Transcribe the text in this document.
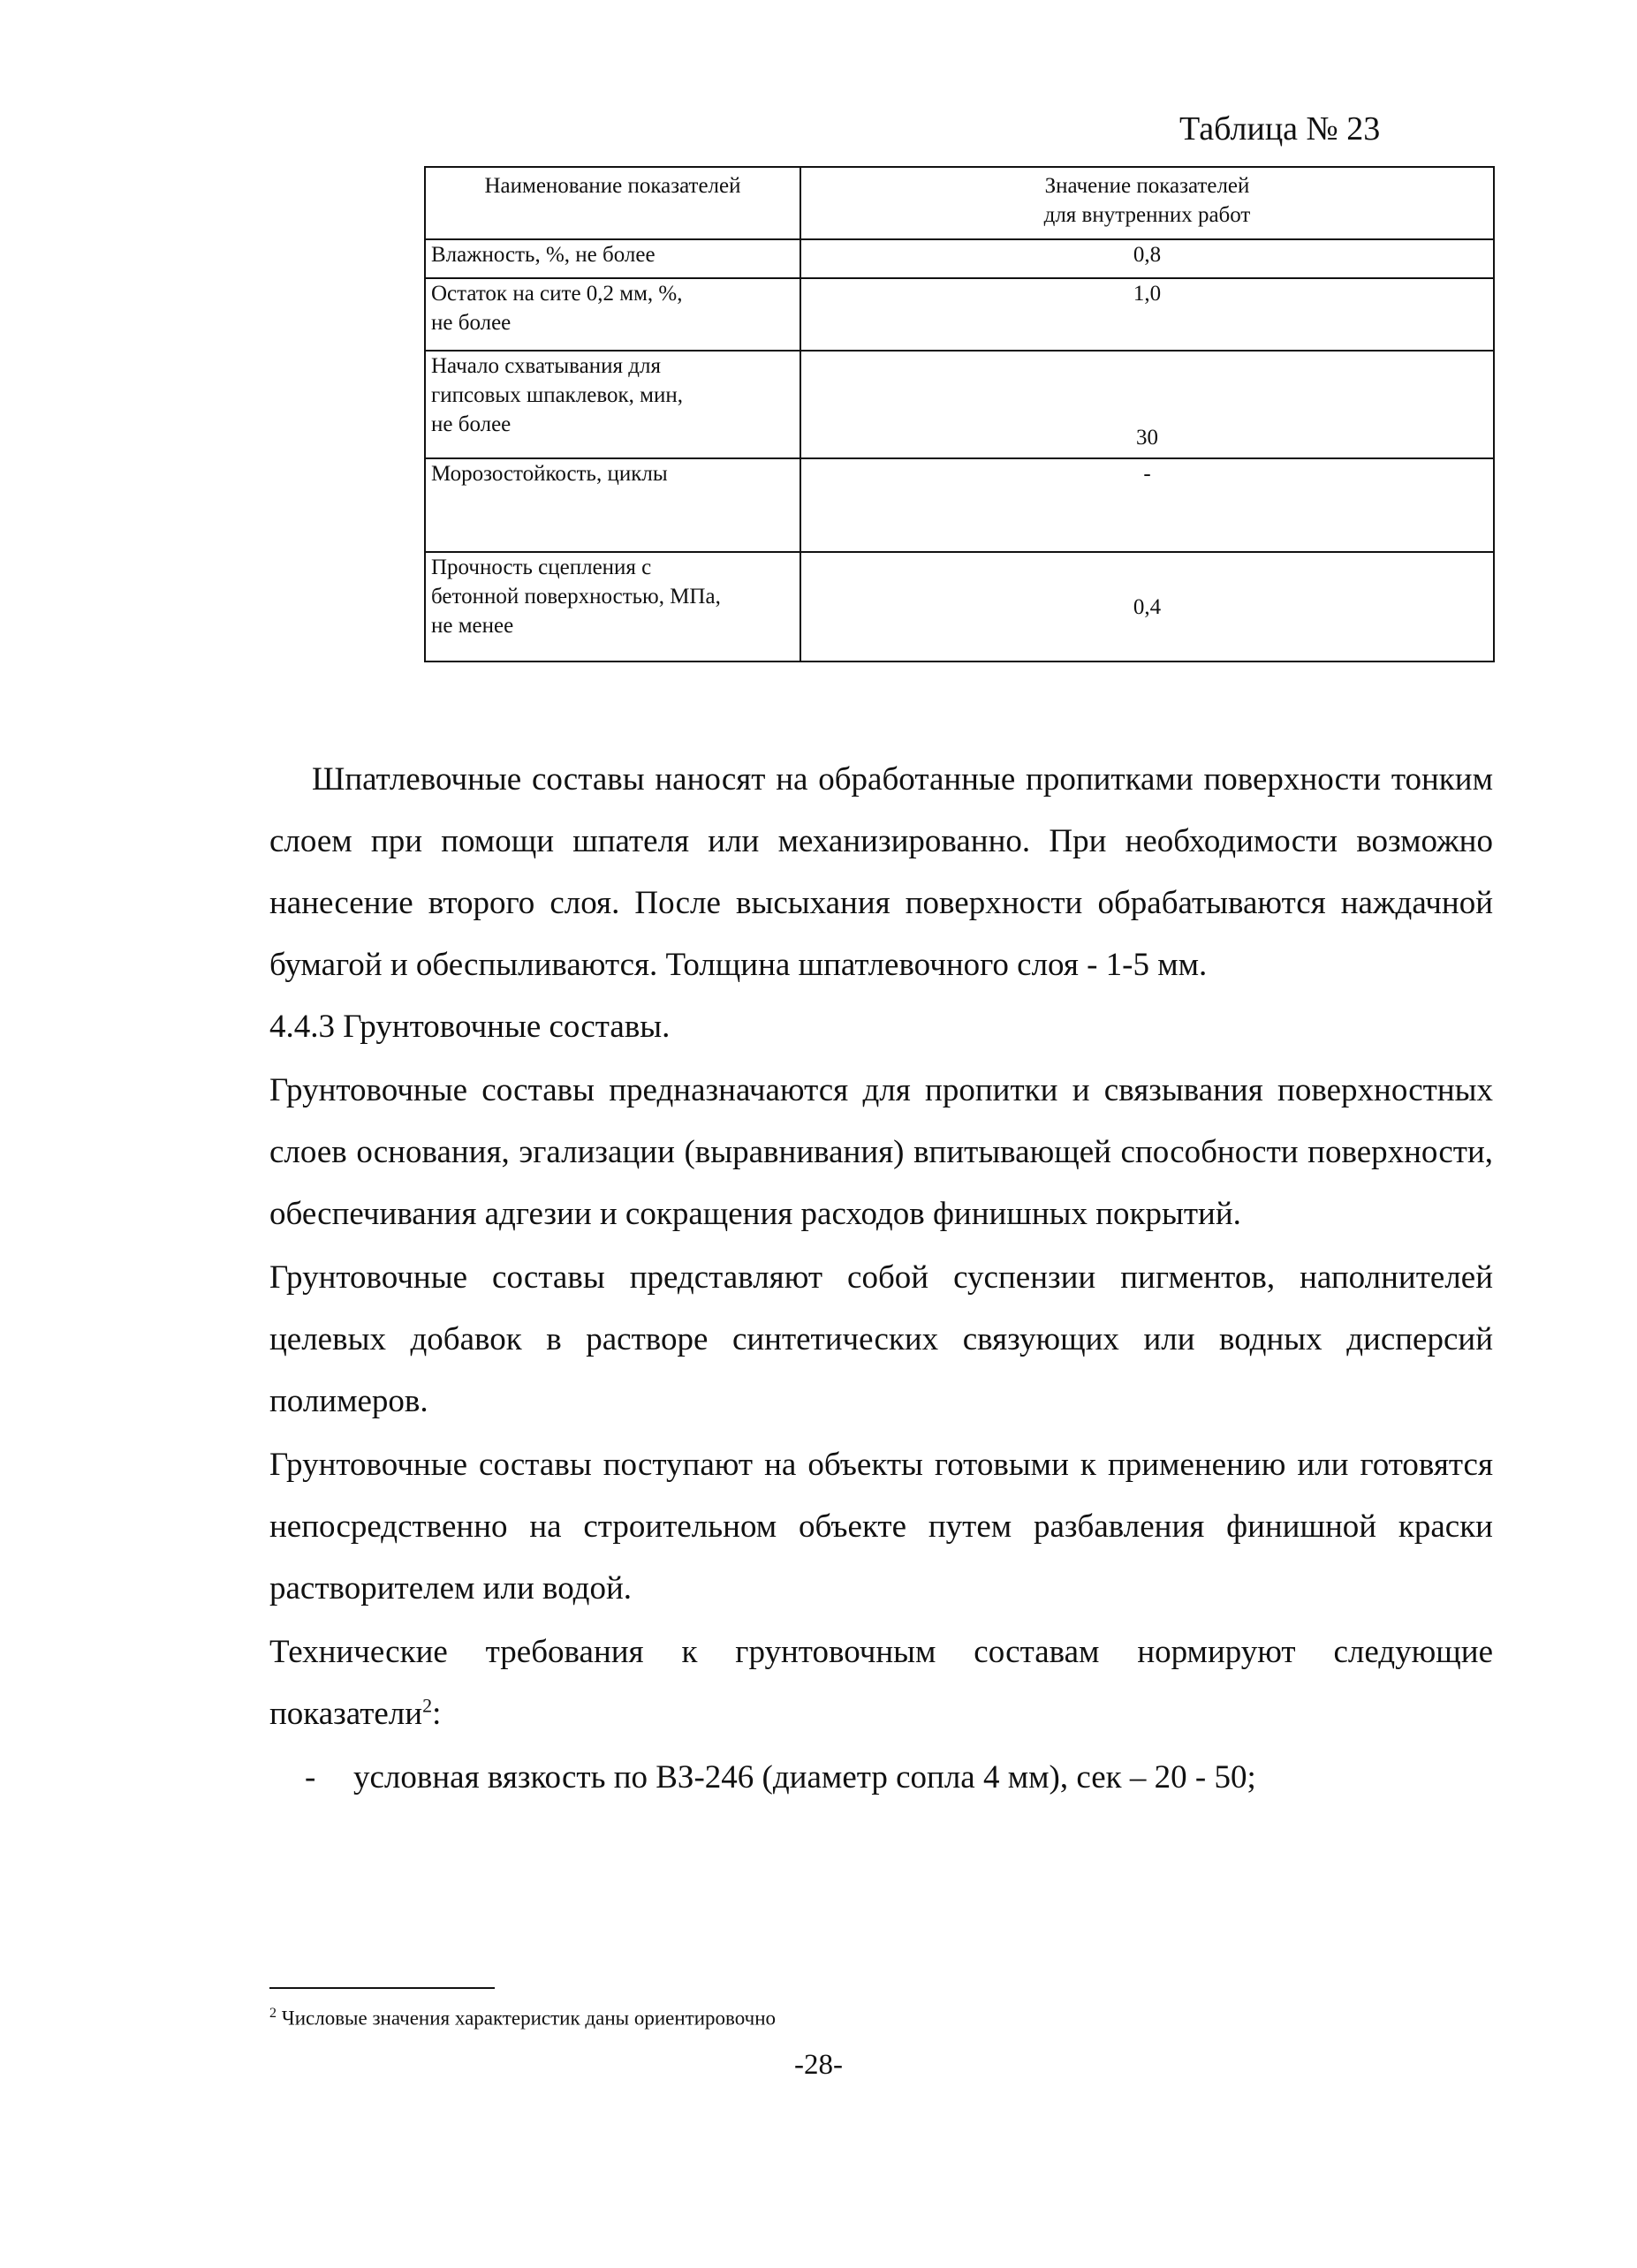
Таблица № 23
Наименование показателей	Значение показателей
для внутренних работ

Влажность, %, не более	0,8

Остаток на сите 0,2 мм, %,
не более	1,0

Начало схватывания для
гипсовых шпаклевок, мин,
не более	30

Морозостойкость, циклы	-

Прочность сцепления с
бетонной поверхностью, МПа,
не менее	0,4

Шпатлевочные составы наносят на обработанные пропитками поверхности тонким слоем при помощи шпателя или механизированно. При необходимости возможно нанесение второго слоя. После высыхания поверхности обрабатываются наждачной бумагой и обеспыливаются. Толщина шпатлевочного слоя - 1-5 мм.

4.4.3 Грунтовочные составы.

Грунтовочные составы предназначаются для пропитки и связывания поверхностных слоев основания, эгализации (выравнивания) впитывающей способности поверхности, обеспечивания адгезии и сокращения расходов финишных покрытий.

Грунтовочные составы представляют собой суспензии пигментов, наполнителей целевых добавок в растворе синтетических связующих или водных дисперсий полимеров.

Грунтовочные составы поступают на объекты готовыми к применению или готовятся непосредственно на строительном объекте путем разбавления финишной краски растворителем или водой.

Технические требования к грунтовочным составам нормируют следующие показатели$^2$:

-	условная вязкость по ВЗ-246 (диаметр сопла 4 мм), сек – 20 - 50;
$^2$ Числовые значения характеристик даны ориентировочно
-28-
